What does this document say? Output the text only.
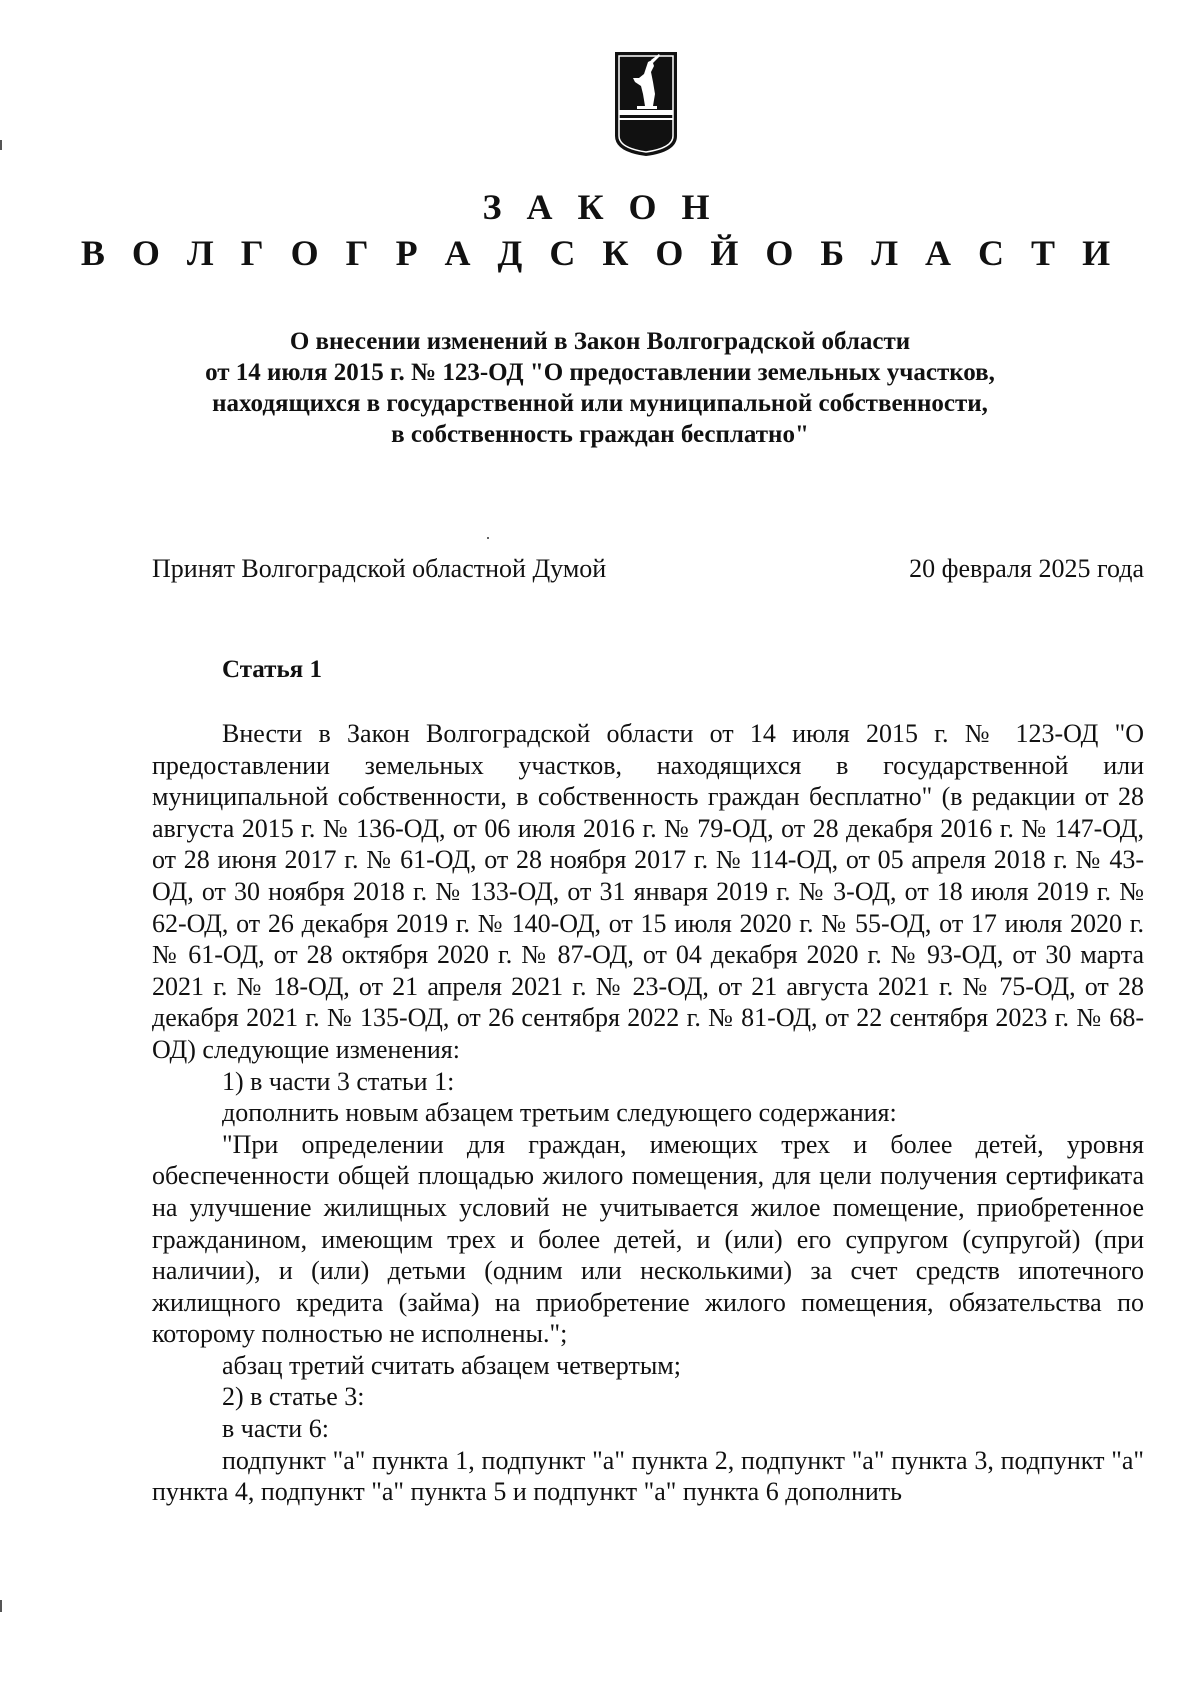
З А К О Н
В О Л Г О Г Р А Д С К О Й О Б Л А С Т И
О внесении изменений в Закон Волгоградской области
от 14 июля 2015 г. № 123-ОД "О предоставлении земельных участков,
находящихся в государственной или муниципальной собственности,
в собственность граждан бесплатно"
Принят Волгоградской областной Думой	20 февраля 2025 года
Статья 1

Внести в Закон Волгоградской области от 14 июля 2015 г. № 123-ОД "О предоставлении земельных участков, находящихся в государственной или муниципальной собственности, в собственность граждан бесплатно" (в редакции от 28 августа 2015 г. № 136-ОД, от 06 июля 2016 г. № 79-ОД, от 28 декабря 2016 г. № 147-ОД, от 28 июня 2017 г. № 61-ОД, от 28 ноября 2017 г. № 114-ОД, от 05 апреля 2018 г. № 43-ОД, от 30 ноября 2018 г. № 133-ОД, от 31 января 2019 г. № 3-ОД, от 18 июля 2019 г. № 62-ОД, от 26 декабря 2019 г. № 140-ОД, от 15 июля 2020 г. № 55-ОД, от 17 июля 2020 г. № 61-ОД, от 28 октября 2020 г. № 87-ОД, от 04 декабря 2020 г. № 93-ОД, от 30 марта 2021 г. № 18-ОД, от 21 апреля 2021 г. № 23-ОД, от 21 августа 2021 г. № 75-ОД, от 28 декабря 2021 г. № 135-ОД, от 26 сентября 2022 г. № 81-ОД, от 22 сентября 2023 г. № 68-ОД) следующие изменения:

1) в части 3 статьи 1:

дополнить новым абзацем третьим следующего содержания:

"При определении для граждан, имеющих трех и более детей, уровня обеспеченности общей площадью жилого помещения, для цели получения сертификата на улучшение жилищных условий не учитывается жилое помещение, приобретенное гражданином, имеющим трех и более детей, и (или) его супругом (супругой) (при наличии), и (или) детьми (одним или несколькими) за счет средств ипотечного жилищного кредита (займа) на приобретение жилого помещения, обязательства по которому полностью не исполнены.";

абзац третий считать абзацем четвертым;

2) в статье 3:

в части 6:

подпункт "а" пункта 1, подпункт "а" пункта 2, подпункт "а" пункта 3, подпункт "а" пункта 4, подпункт "а" пункта 5 и подпункт "а" пункта 6 дополнить
